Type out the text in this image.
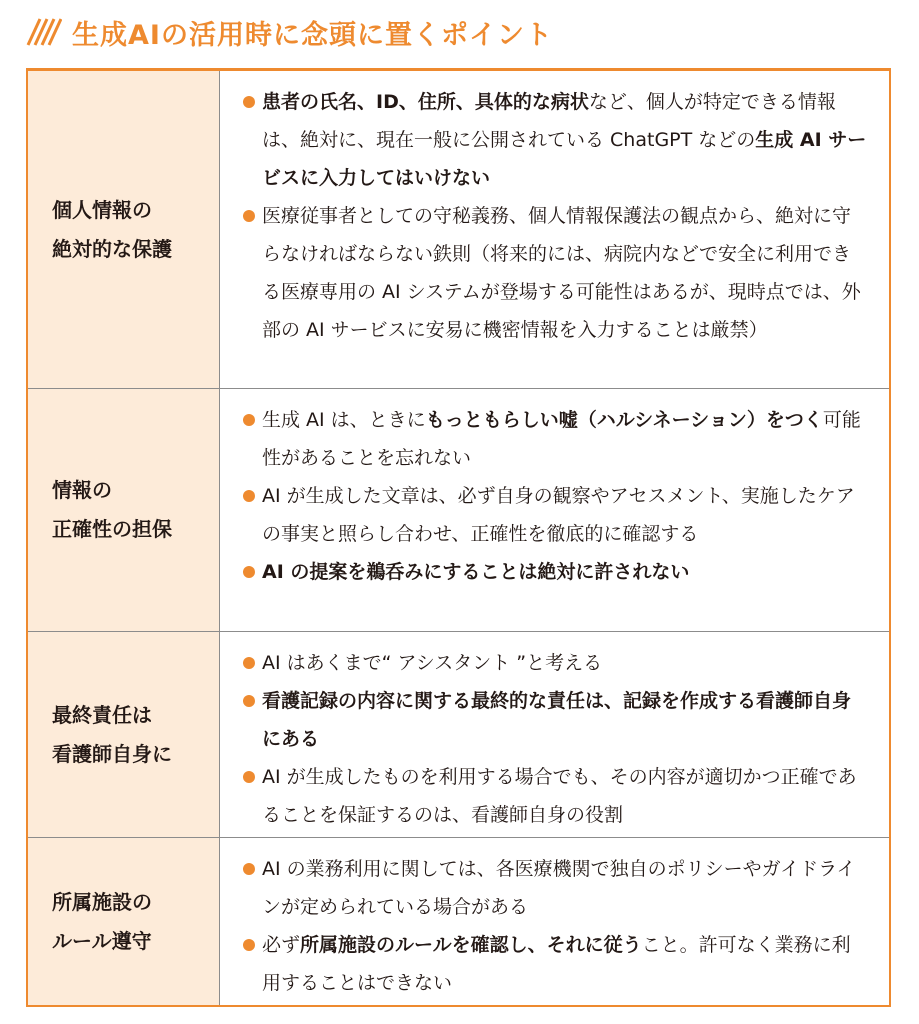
生成AIの活用時に念頭に置くポイント
個人情報の
絶対的な保護
患者の氏名、ID、住所、具体的な病状など、個人が特定できる情報は、絶対に、現在一般に公開されている ChatGPT などの生成 AI サービスに入力してはいけない
医療従事者としての守秘義務、個人情報保護法の観点から、絶対に守らなければならない鉄則（将来的には、病院内などで安全に利用できる医療専用の AI システムが登場する可能性はあるが、現時点では、外部の AI サービスに安易に機密情報を入力することは厳禁）
情報の
正確性の担保
生成 AI は、ときにもっともらしい嘘（ハルシネーション）をつく可能性があることを忘れない
AI が生成した文章は、必ず自身の観察やアセスメント、実施したケアの事実と照らし合わせ、正確性を徹底的に確認する
AI の提案を鵜呑みにすることは絶対に許されない
最終責任は
看護師自身に
AI はあくまで“ アシスタント ”と考える
看護記録の内容に関する最終的な責任は、記録を作成する看護師自身にある
AI が生成したものを利用する場合でも、その内容が適切かつ正確であることを保証するのは、看護師自身の役割
所属施設の
ルール遵守
AI の業務利用に関しては、各医療機関で独自のポリシーやガイドラインが定められている場合がある
必ず所属施設のルールを確認し、それに従うこと。許可なく業務に利用することはできない
